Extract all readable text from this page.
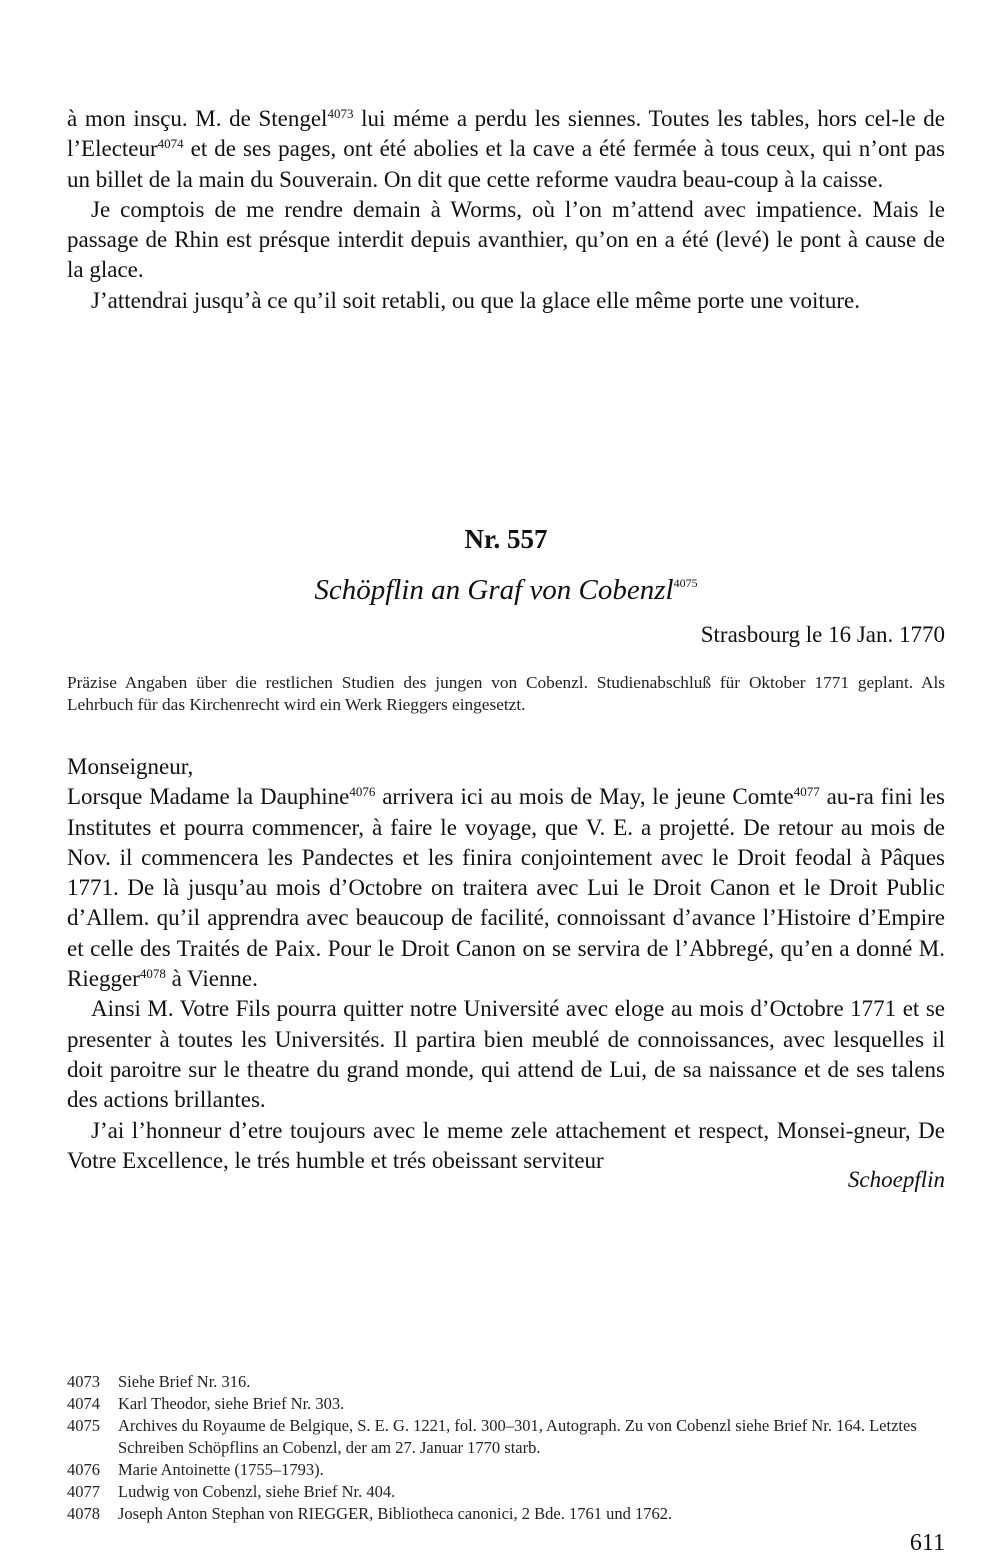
à mon insçu. M. de Stengel$^{4073}$ lui méme a perdu les siennes. Toutes les tables, hors cel-le de l’Electeur$^{4074}$ et de ses pages, ont été abolies et la cave a été fermée à tous ceux, qui n’ont pas un billet de la main du Souverain. On dit que cette reforme vaudra beau-coup à la caisse.

Je comptois de me rendre demain à Worms, où l’on m’attend avec impatience. Mais le passage de Rhin est présque interdit depuis avanthier, qu’on en a été (levé) le pont à cause de la glace.

J’attendrai jusqu’à ce qu’il soit retabli, ou que la glace elle même porte une voiture.

Nr. 557
Schöpflin an Graf von Cobenzl$^{4075}$
Strasbourg le 16 Jan. 1770

Präzise Angaben über die restlichen Studien des jungen von Cobenzl. Studienabschluß für Oktober 1771 geplant. Als Lehrbuch für das Kirchenrecht wird ein Werk Rieggers eingesetzt.

Monseigneur,

Lorsque Madame la Dauphine$^{4076}$ arrivera ici au mois de May, le jeune Comte$^{4077}$ au-ra fini les Institutes et pourra commencer, à faire le voyage, que V. E. a projetté. De retour au mois de Nov. il commencera les Pandectes et les finira conjointement avec le Droit feodal à Pâques 1771. De là jusqu’au mois d’Octobre on traitera avec Lui le Droit Canon et le Droit Public d’Allem. qu’il apprendra avec beaucoup de facilité, connoissant d’avance l’Histoire d’Empire et celle des Traités de Paix. Pour le Droit Canon on se servira de l’Abbregé, qu’en a donné M. Riegger$^{4078}$ à Vienne.

Ainsi M. Votre Fils pourra quitter notre Université avec eloge au mois d’Octobre 1771 et se presenter à toutes les Universités. Il partira bien meublé de connoissances, avec lesquelles il doit paroitre sur le theatre du grand monde, qui attend de Lui, de sa naissance et de ses talens des actions brillantes.

J’ai l’honneur d’etre toujours avec le meme zele attachement et respect, Monsei-gneur, De Votre Excellence, le trés humble et trés obeissant serviteur

Schoepflin
4073	Siehe Brief Nr. 316.
4074	Karl Theodor, siehe Brief Nr. 303.
4075	Archives du Royaume de Belgique, S. E. G. 1221, fol. 300–301, Autograph. Zu von Cobenzl siehe Brief Nr. 164. Letztes Schreiben Schöpflins an Cobenzl, der am 27. Januar 1770 starb.
4076	Marie Antoinette (1755–1793).
4077	Ludwig von Cobenzl, siehe Brief Nr. 404.
4078	Joseph Anton Stephan von RIEGGER, Bibliotheca canonici, 2 Bde. 1761 und 1762.
611
